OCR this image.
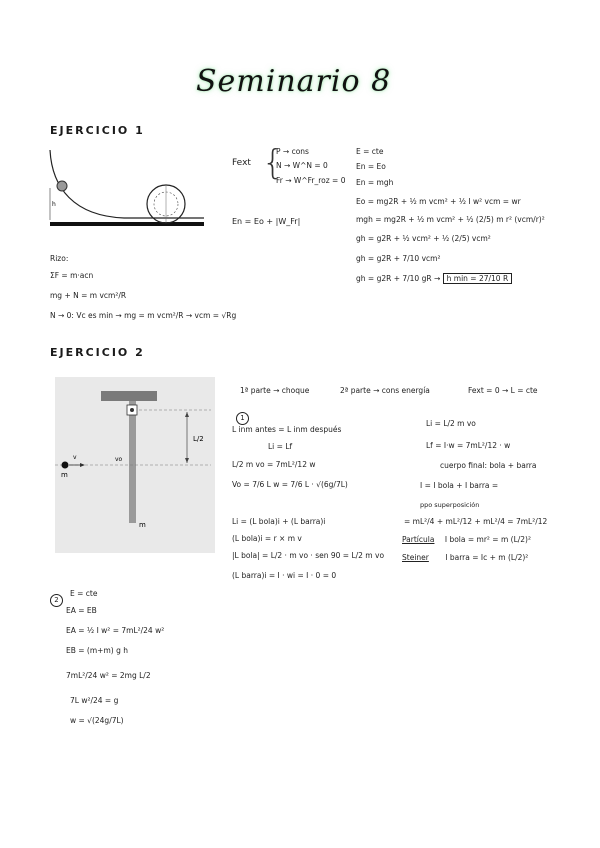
Seminario 8
EJERCICIO 1
h
Fext {
P → cons
N → W^N = 0
Fr → W^Fr_roz = 0
En = Eo + |W_Fr|
E = cte
En = Eo
En = mgh
Eo = mg2R + ½ m vcm² + ½ I w² vcm = wr
mgh = mg2R + ½ m vcm² + ½ (2/5) m r² (vcm/r)²
gh = g2R + ½ vcm² + ½ (2/5) vcm²
gh = g2R + 7/10 vcm²
gh = g2R + 7/10 gR → h min = 27/10 R
Rizo:
ΣF = m·acn
mg + N = m vcm²/R
N → 0: Vc es min → mg = m vcm²/R → vcm = √Rg
EJERCICIO 2
L/2
vo
v
m
m
1ª parte → choque	2ª parte → cons energía	Fext = 0 → L = cte
1
L inm antes = L inm después
Li = Lf
L/2 m vo = 7mL²/12 w
Vo = 7/6 L w = 7/6 L · √(6g/7L)
Li = L/2 m vo
Lf = I·w = 7mL²/12 · w
cuerpo final: bola + barra
I = I bola + I barra =
ppo superposición
= mL²/4 + mL²/12 + mL²/4 = 7mL²/12
Partícula I bola = mr² = m (L/2)²
Steiner I barra = Ic + m (L/2)²
Li = (L bola)i + (L barra)i
(L bola)i = r × m v
|L bola| = L/2 · m vo · sen 90 = L/2 m vo
(L barra)i = I · wi = I · 0 = 0
2
E = cte
EA = EB
EA = ½ I w² = 7mL²/24 w²
EB = (m+m) g h
7mL²/24 w² = 2mg L/2
7L w²/24 = g
w = √(24g/7L)
